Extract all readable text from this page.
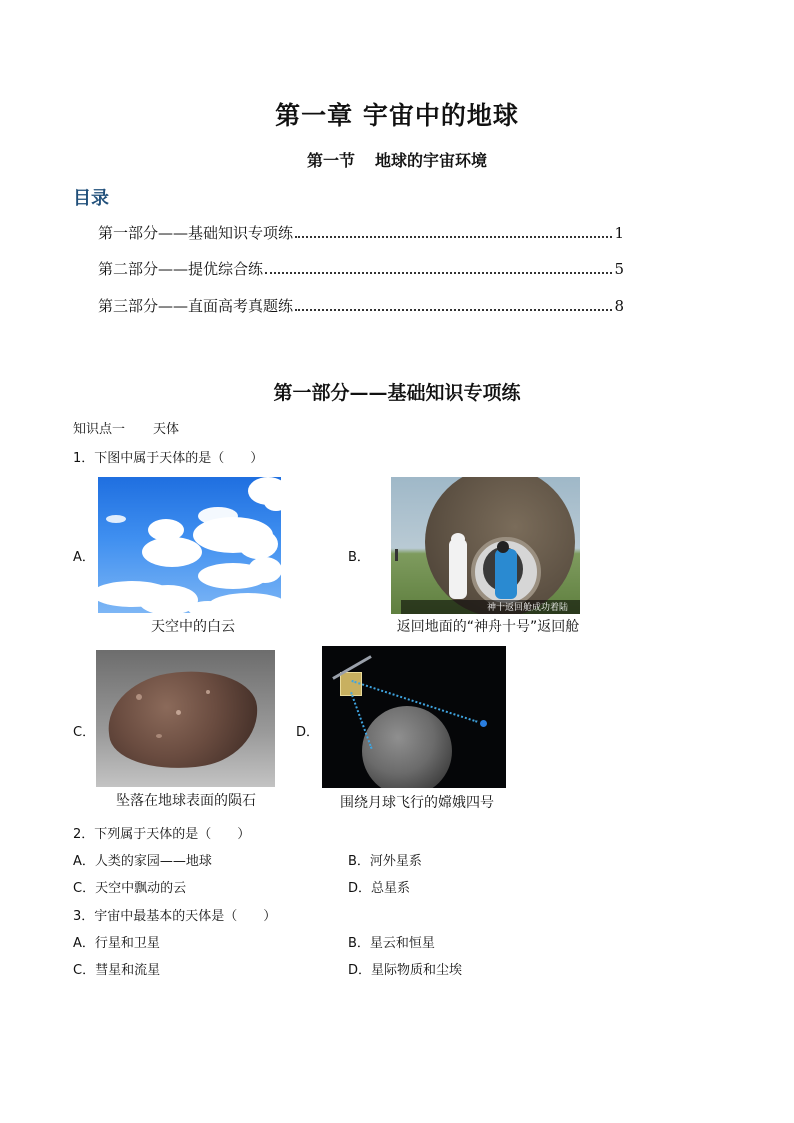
第一章 宇宙中的地球
第一节 地球的宇宙环境
目录
第一部分——基础知识专项练	1
第二部分——提优综合练	5
第三部分——直面高考真题练	8
第一部分——基础知识专项练
知识点一 天体
1．下图中属于天体的是（　　）
A．
天空中的白云
B．
神十返回舱成功着陆
返回地面的“神舟十号”返回舱
C．
坠落在地球表面的陨石
D．
围绕月球飞行的嫦娥四号
2．下列属于天体的是（　　）
A．人类的家园——地球	B．河外星系
C．天空中飘动的云	D．总星系
3．宇宙中最基本的天体是（　　）
A．行星和卫星	B．星云和恒星
C．彗星和流星	D．星际物质和尘埃
